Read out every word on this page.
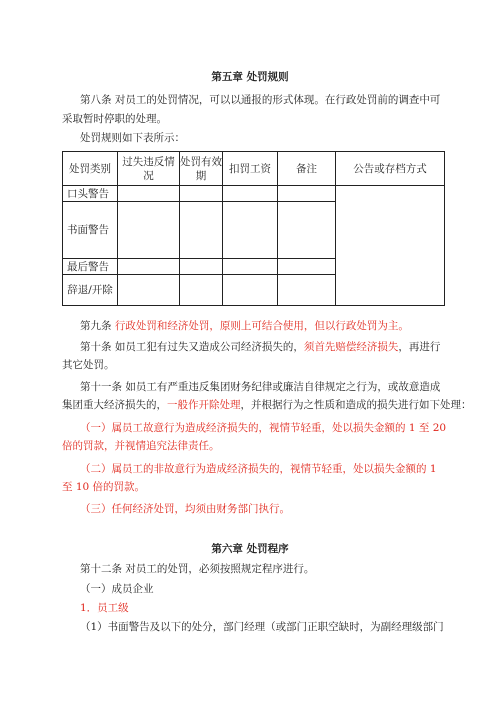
第五章 处罚规则
第八条 对员工的处罚情况，可以以通报的形式体现。在行政处罚前的调查中可
采取暂时停职的处理。
处罚规则如下表所示：
处罚类别	过失违反情况	处罚有效期	扣罚工资	备注	公告或存档方式
口头警告					
书面警告					
最后警告					
辞退/开除					
第九条 行政处罚和经济处罚，原则上可结合使用，但以行政处罚为主。
第十条 如员工犯有过失又造成公司经济损失的，须首先赔偿经济损失，再进行
其它处罚。
第十一条 如员工有严重违反集团财务纪律或廉洁自律规定之行为，或故意造成
集团重大经济损失的，一般作开除处理，并根据行为之性质和造成的损失进行如下处理：
（一）属员工故意行为造成经济损失的，视情节轻重，处以损失金额的 1 至 20
倍的罚款，并视情追究法律责任。
（二）属员工的非故意行为造成经济损失的，视情节轻重，处以损失金额的 1
至 10 倍的罚款。
（三）任何经济处罚，均须由财务部门执行。
第六章 处罚程序
第十二条 对员工的处罚，必须按照规定程序进行。
（一）成员企业
1．员工级
（1）书面警告及以下的处分，部门经理（或部门正职空缺时，为副经理级部门
